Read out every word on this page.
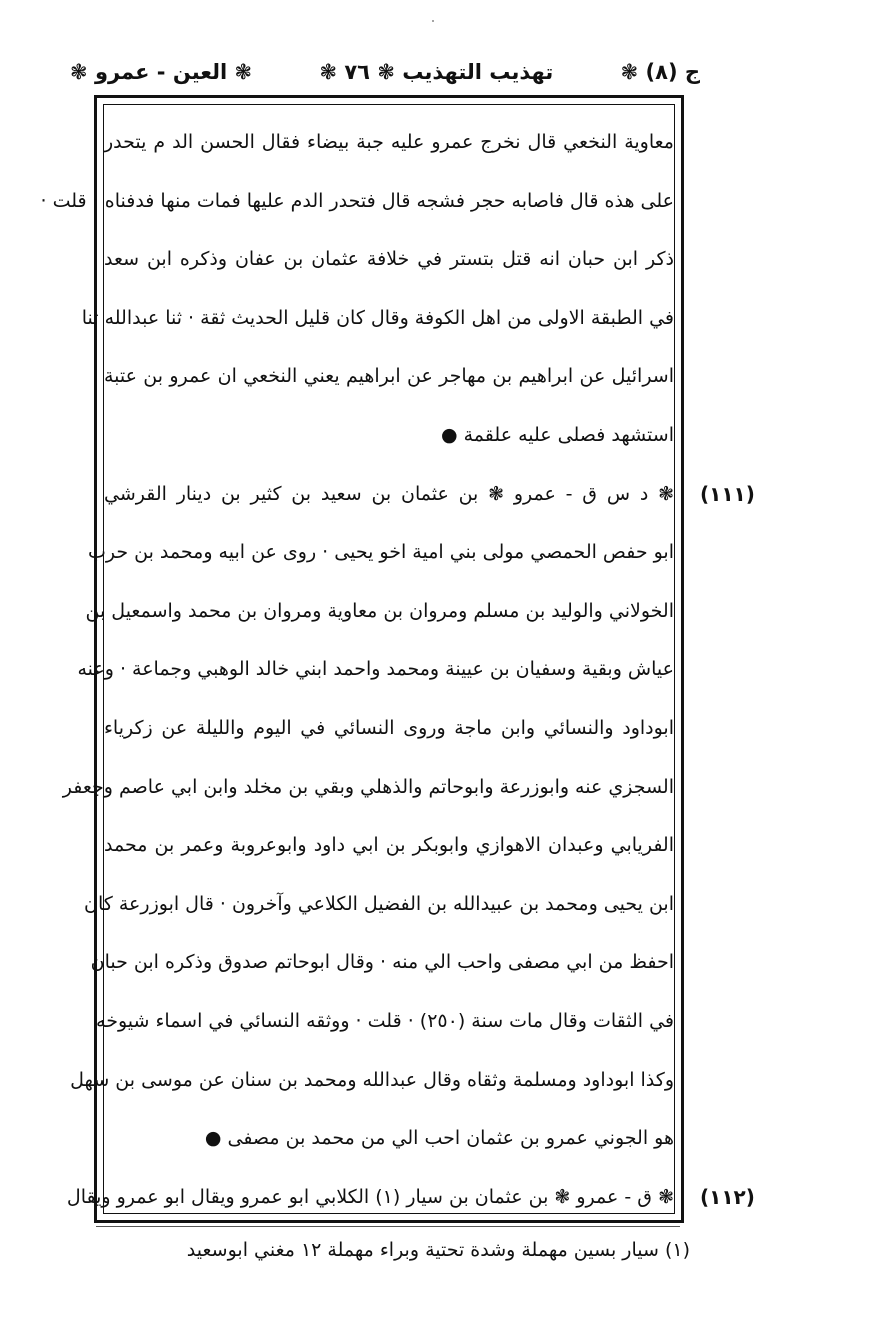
ج (٨) ❃
تهذيب التهذيب ❃ ٧٦ ❃
❃ العين - عمرو ❃
معاوية النخعي قال نخرج عمرو عليه جبة بيضاء فقال الحسن الد م يتحدر
على هذه قال فاصابه حجر فشجه قال فتحدر الدم عليها فمات منها فدفناه · قلت ·
ذكر ابن حبان انه قتل بتستر في خلافة عثمان بن عفان وذكره ابن سعد
في الطبقة الاولى من اهل الكوفة وقال كان قليل الحديث ثقة · ثنا عبدالله ثنا
اسرائيل عن ابراهيم بن مهاجر عن ابراهيم يعني النخعي ان عمرو بن عتبة
استشهد فصلى عليه علقمة ●
❃ د س ق - عمرو ❃ بن عثمان بن سعيد بن كثير بن دينار القرشي
ابو حفص الحمصي مولى بني امية اخو يحيى · روى عن ابيه ومحمد بن حرب
الخولاني والوليد بن مسلم ومروان بن معاوية ومروان بن محمد واسمعيل بن
عياش وبقية وسفيان بن عيينة ومحمد واحمد ابني خالد الوهبي وجماعة · وعنه
ابوداود والنسائي وابن ماجة وروى النسائي في اليوم والليلة عن زكرياء
السجزي عنه وابوزرعة وابوحاتم والذهلي وبقي بن مخلد وابن ابي عاصم وجعفر
الفريابي وعبدان الاهوازي وابوبكر بن ابي داود وابوعروبة وعمر بن محمد
ابن يحيى ومحمد بن عبيدالله بن الفضيل الكلاعي وآخرون · قال ابوزرعة كان
احفظ من ابي مصفى واحب الي منه · وقال ابوحاتم صدوق وذكره ابن حبان
في الثقات وقال مات سنة (٢٥٠) · قلت · ووثقه النسائي في اسماء شيوخه
وكذا ابوداود ومسلمة وثقاه وقال عبدالله ومحمد بن سنان عن موسى بن سهل
هو الجوني عمرو بن عثمان احب الي من محمد بن مصفى ●
❃ ق - عمرو ❃ بن عثمان بن سيار (١) الكلابي ابو عمرو ويقال ابو عمرو ويقال
(١١١)
(١١٢)
(١) سيار بسين مهملة وشدة تحتية وبراء مهملة ١٢ مغني ابوسعيد
